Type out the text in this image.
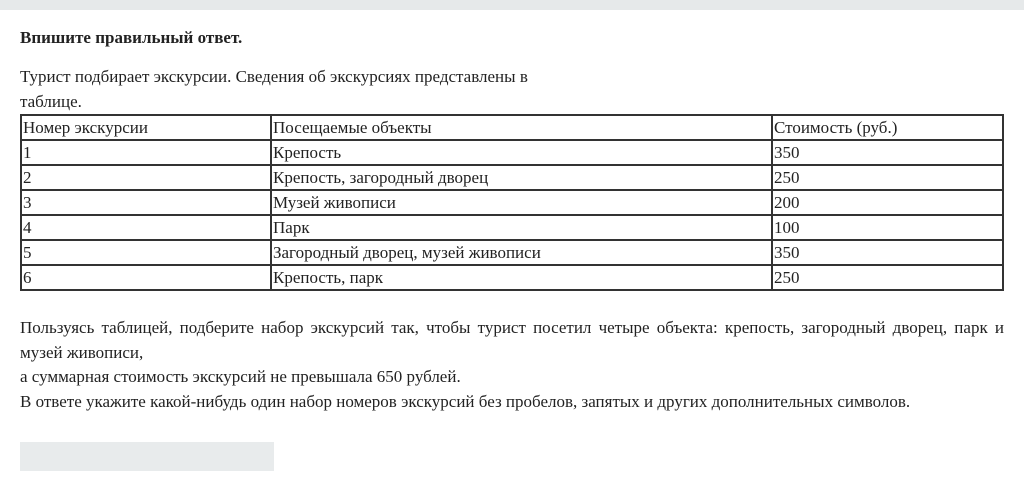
Впишите правильный ответ.

Турист подбирает экскурсии. Сведения об экскурсиях представлены в таблице.

Номер экскурсии	Посещаемые объекты	Стоимость (руб.)
1	Крепость	350
2	Крепость, загородный дворец	250
3	Музей живописи	200
4	Парк	100
5	Загородный дворец, музей живописи	350
6	Крепость, парк	250
Пользуясь таблицей, подберите набор экскурсий так, чтобы турист посетил четыре объекта: крепость, загородный дворец, парк и музей живописи,
а суммарная стоимость экскурсий не превышала 650 рублей.
В ответе укажите какой-нибудь один набор номеров экскурсий без пробелов, запятых и других дополнительных символов.
